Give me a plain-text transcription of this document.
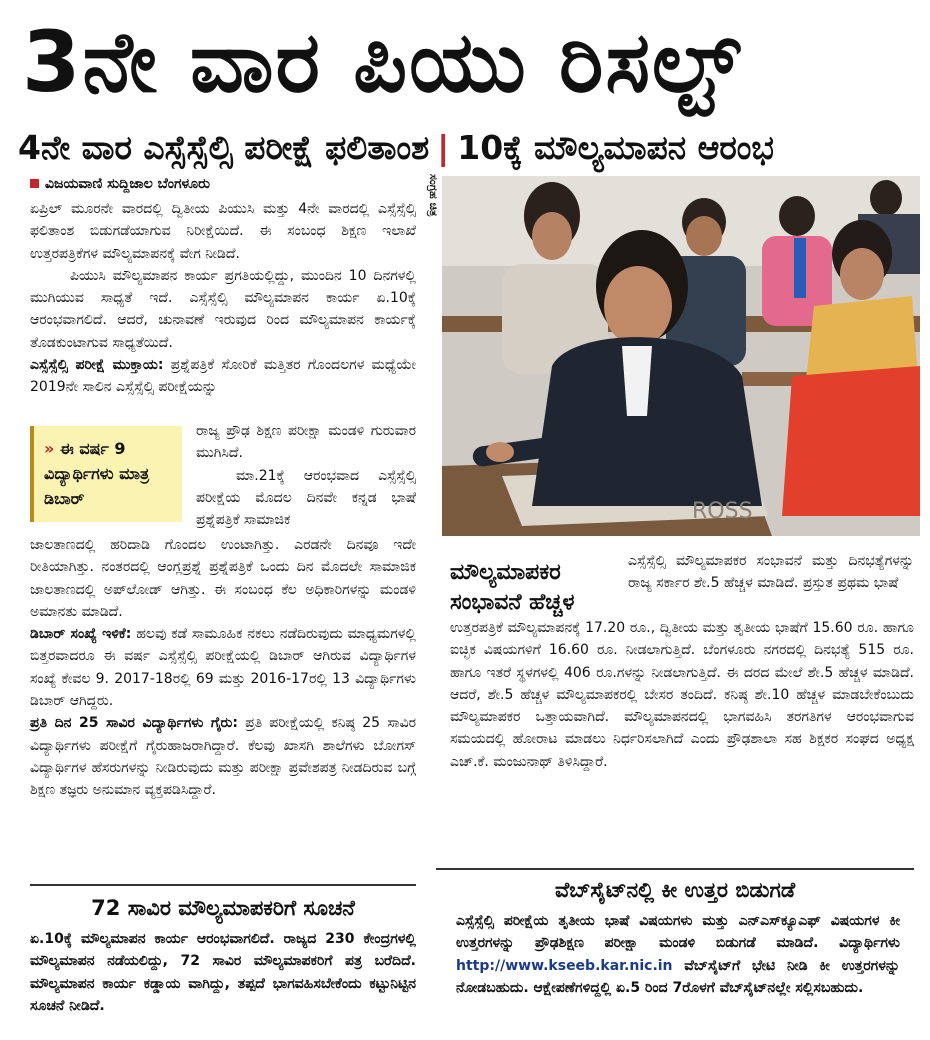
3ನೇ ವಾರ ಪಿಯು ರಿಸಲ್ಟ್
4ನೇ ವಾರ ಎಸ್ಸೆಸ್ಸೆಲ್ಸಿ ಪರೀಕ್ಷೆ ಫಲಿತಾಂಶ | 10ಕ್ಕೆ ಮೌಲ್ಯಮಾಪನ ಆರಂಭ
ವಿಜಯವಾಣಿ ಸುದ್ದಿಜಾಲ ಬೆಂಗಳೂರು

ಏಪ್ರಿಲ್ ಮೂರನೇ ವಾರದಲ್ಲಿ ದ್ವಿತೀಯ ಪಿಯುಸಿ ಮತ್ತು 4ನೇ ವಾರದಲ್ಲಿ ಎಸ್ಸೆಸ್ಸೆಲ್ಸಿ ಫಲಿತಾಂಶ ಬಿಡುಗಡೆಯಾಗುವ ನಿರೀಕ್ಷೆಯಿದೆ. ಈ ಸಂಬಂಧ ಶಿಕ್ಷಣ ಇಲಾಖೆ ಉತ್ತರಪತ್ರಿಕೆಗಳ ಮೌಲ್ಯಮಾಪನಕ್ಕೆ ವೇಗ ನೀಡಿದೆ.

ಪಿಯುಸಿ ಮೌಲ್ಯಮಾಪನ ಕಾರ್ಯ ಪ್ರಗತಿಯಲ್ಲಿದ್ದು, ಮುಂದಿನ 10 ದಿನಗಳಲ್ಲಿ ಮುಗಿಯುವ ಸಾಧ್ಯತೆ ಇದೆ. ಎಸ್ಸೆಸ್ಸೆಲ್ಸಿ ಮೌಲ್ಯಮಾಪನ ಕಾರ್ಯ ಏ.10ಕ್ಕೆ ಆರಂಭವಾಗಲಿದೆ. ಆದರೆ, ಚುನಾವಣೆ ಇರುವುದ ರಿಂದ ಮೌಲ್ಯಮಾಪನ ಕಾರ್ಯಕ್ಕೆ ತೊಡಕುಂಟಾಗುವ ಸಾಧ್ಯತೆಯಿದೆ.

ಎಸ್ಸೆಸ್ಸೆಲ್ಸಿ ಪರೀಕ್ಷೆ ಮುಕ್ತಾಯ: ಪ್ರಶ್ನೆಪತ್ರಿಕೆ ಸೋರಿಕೆ ಮತ್ತಿತರ ಗೊಂದಲಗಳ ಮಧ್ಯೆಯೇ 2019ನೇ ಸಾಲಿನ ಎಸ್ಸೆಸ್ಸೆಲ್ಸಿ ಪರೀಕ್ಷೆಯನ್ನು

» ಈ ವರ್ಷ 9 ವಿದ್ಯಾರ್ಥಿಗಳು ಮಾತ್ರ ಡಿಬಾರ್

ರಾಜ್ಯ ಪ್ರೌಢ ಶಿಕ್ಷಣ ಪರೀಕ್ಷಾ ಮಂಡಳಿ ಗುರುವಾರ ಮುಗಿಸಿದೆ.

ಮಾ.21ಕ್ಕೆ ಆರಂಭವಾದ ಎಸ್ಸೆಸ್ಸೆಲ್ಸಿ ಪರೀಕ್ಷೆಯ ಮೊದಲ ದಿನವೇ ಕನ್ನಡ ಭಾಷೆ ಪ್ರಶ್ನೆಪತ್ರಿಕೆ ಸಾಮಾಜಿಕ

ಜಾಲತಾಣದಲ್ಲಿ ಹರಿದಾಡಿ ಗೊಂದಲ ಉಂಟಾಗಿತ್ತು. ಎರಡನೇ ದಿನವೂ ಇದೇ ರೀತಿಯಾಗಿತ್ತು. ನಂತರದಲ್ಲಿ ಆಂಗ್ಲಪ್ರಶ್ನೆ ಪ್ರಶ್ನೆಪತ್ರಿಕೆ ಒಂದು ದಿನ ಮೊದಲೇ ಸಾಮಾಜಿಕ ಜಾಲತಾಣದಲ್ಲಿ ಅಪ್‌ಲೋಡ್ ಆಗಿತ್ತು. ಈ ಸಂಬಂಧ ಕೆಲ ಅಧಿಕಾರಿಗಳನ್ನು ಮಂಡಳಿ ಅಮಾನತು ಮಾಡಿದೆ.

ಡಿಬಾರ್ ಸಂಖ್ಯೆ ಇಳಿಕೆ: ಹಲವು ಕಡೆ ಸಾಮೂಹಿಕ ನಕಲು ನಡೆದಿರುವುದು ಮಾಧ್ಯಮಗಳಲ್ಲಿ ಬಿತ್ತರವಾದರೂ ಈ ವರ್ಷ ಎಸ್ಸೆಸ್ಸೆಲ್ಸಿ ಪರೀಕ್ಷೆಯಲ್ಲಿ ಡಿಬಾರ್ ಆಗಿರುವ ವಿದ್ಯಾರ್ಥಿಗಳ ಸಂಖ್ಯೆ ಕೇವಲ 9. 2017-18ರಲ್ಲಿ 69 ಮತ್ತು 2016-17ರಲ್ಲಿ 13 ವಿದ್ಯಾರ್ಥಿಗಳು ಡಿಬಾರ್ ಆಗಿದ್ದರು.

ಪ್ರತಿ ದಿನ 25 ಸಾವಿರ ವಿದ್ಯಾರ್ಥಿಗಳು ಗೈರು: ಪ್ರತಿ ಪರೀಕ್ಷೆಯಲ್ಲಿ ಕನಿಷ್ಠ 25 ಸಾವಿರ ವಿದ್ಯಾರ್ಥಿಗಳು ಪರೀಕ್ಷೆಗೆ ಗೈರುಹಾಜರಾಗಿದ್ದಾರೆ. ಕೆಲವು ಖಾಸಗಿ ಶಾಲೆಗಳು ಬೋಗಸ್ ವಿದ್ಯಾರ್ಥಿಗಳ ಹೆಸರುಗಳನ್ನು ನೀಡಿರುವುದು ಮತ್ತು ಪರೀಕ್ಷಾ ಪ್ರವೇಶಪತ್ರ ನೀಡದಿರುವ ಬಗ್ಗೆ ಶಿಕ್ಷಣ ತಜ್ಞರು ಅನುಮಾನ ವ್ಯಕ್ತಪಡಿಸಿದ್ದಾರೆ.

ಸಂಗ್ರಹ ಚಿತ್ರ
ROSS
ಮೌಲ್ಯಮಾಪಕರ ಸಂಭಾವನೆ ಹೆಚ್ಚಳ
ಎಸ್ಸೆಸ್ಸೆಲ್ಸಿ ಮೌಲ್ಯಮಾಪಕರ ಸಂಭಾವನೆ ಮತ್ತು ದಿನಭತ್ಯೆಗಳನ್ನು ರಾಜ್ಯ ಸರ್ಕಾರ ಶೇ.5 ಹೆಚ್ಚಳ ಮಾಡಿದೆ. ಪ್ರಸ್ತುತ ಪ್ರಥಮ ಭಾಷೆ
ಉತ್ತರಪತ್ರಿಕೆ ಮೌಲ್ಯಮಾಪನಕ್ಕೆ 17.20 ರೂ., ದ್ವಿತೀಯ ಮತ್ತು ತೃತೀಯ ಭಾಷೆಗೆ 15.60 ರೂ. ಹಾಗೂ ಐಚ್ಛಿಕ ವಿಷಯಗಳಿಗೆ 16.60 ರೂ. ನೀಡಲಾಗುತ್ತಿದೆ. ಬೆಂಗಳೂರು ನಗರದಲ್ಲಿ ದಿನಭತ್ಯೆ 515 ರೂ. ಹಾಗೂ ಇತರೆ ಸ್ಥಳಗಳಲ್ಲಿ 406 ರೂ.ಗಳನ್ನು ನೀಡಲಾಗುತ್ತಿದೆ. ಈ ದರದ ಮೇಲೆ ಶೇ.5 ಹೆಚ್ಚಳ ಮಾಡಿದೆ. ಆದರೆ, ಶೇ.5 ಹೆಚ್ಚಳ ಮೌಲ್ಯಮಾಪಕರಲ್ಲಿ ಬೇಸರ ತಂದಿದೆ. ಕನಿಷ್ಠ ಶೇ.10 ಹೆಚ್ಚಳ ಮಾಡಬೇಕೆಂಬುದು ಮೌಲ್ಯಮಾಪಕರ ಒತ್ತಾಯವಾಗಿದೆ. ಮೌಲ್ಯಮಾಪನದಲ್ಲಿ ಭಾಗವಹಿಸಿ ತರಗತಿಗಳ ಆರಂಭವಾಗುವ ಸಮಯದಲ್ಲಿ ಹೋರಾಟ ಮಾಡಲು ನಿರ್ಧರಿಸಲಾಗಿದೆ ಎಂದು ಪ್ರೌಢಶಾಲಾ ಸಹ ಶಿಕ್ಷಕರ ಸಂಘದ ಅಧ್ಯಕ್ಷ ಎಚ್.ಕೆ. ಮಂಜುನಾಥ್ ತಿಳಿಸಿದ್ದಾರೆ.
72 ಸಾವಿರ ಮೌಲ್ಯಮಾಪಕರಿಗೆ ಸೂಚನೆ
ಏ.10ಕ್ಕೆ ಮೌಲ್ಯಮಾಪನ ಕಾರ್ಯ ಆರಂಭವಾಗಲಿದೆ. ರಾಜ್ಯದ 230 ಕೇಂದ್ರಗಳಲ್ಲಿ ಮೌಲ್ಯಮಾಪನ ನಡೆಯಲಿದ್ದು, 72 ಸಾವಿರ ಮೌಲ್ಯಮಾಪಕರಿಗೆ ಪತ್ರ ಬರೆದಿದೆ. ಮೌಲ್ಯಮಾಪನ ಕಾರ್ಯ ಕಡ್ಡಾಯ ವಾಗಿದ್ದು, ತಪ್ಪದೆ ಭಾಗವಹಿಸಬೇಕೆಂದು ಕಟ್ಟುನಿಟ್ಟಿನ ಸೂಚನೆ ನೀಡಿದೆ.
ವೆಬ್‌ಸೈಟ್‌ನಲ್ಲಿ ಕೀ ಉತ್ತರ ಬಿಡುಗಡೆ
ಎಸ್ಸೆಸ್ಸೆಲ್ಸಿ ಪರೀಕ್ಷೆಯ ತೃತೀಯ ಭಾಷೆ ವಿಷಯಗಳು ಮತ್ತು ಎನ್‌ಎಸ್‌ಕ್ಯೂಎಫ್ ವಿಷಯಗಳ ಕೀ ಉತ್ತರಗಳನ್ನು ಪ್ರೌಢಶಿಕ್ಷಣ ಪರೀಕ್ಷಾ ಮಂಡಳಿ ಬಿಡುಗಡೆ ಮಾಡಿದೆ. ವಿದ್ಯಾರ್ಥಿಗಳು http://www.kseeb.kar.nic.in ವೆಬ್‌ಸೈಟ್‌ಗೆ ಭೇಟಿ ನೀಡಿ ಕೀ ಉತ್ತರಗಳನ್ನು ನೋಡಬಹುದು. ಆಕ್ಷೇಪಣೆಗಳಿದ್ದಲ್ಲಿ ಏ.5 ರಿಂದ 7ರೊಳಗೆ ವೆಬ್‌ಸೈಟ್‌ನಲ್ಲೇ ಸಲ್ಲಿಸಬಹುದು.
